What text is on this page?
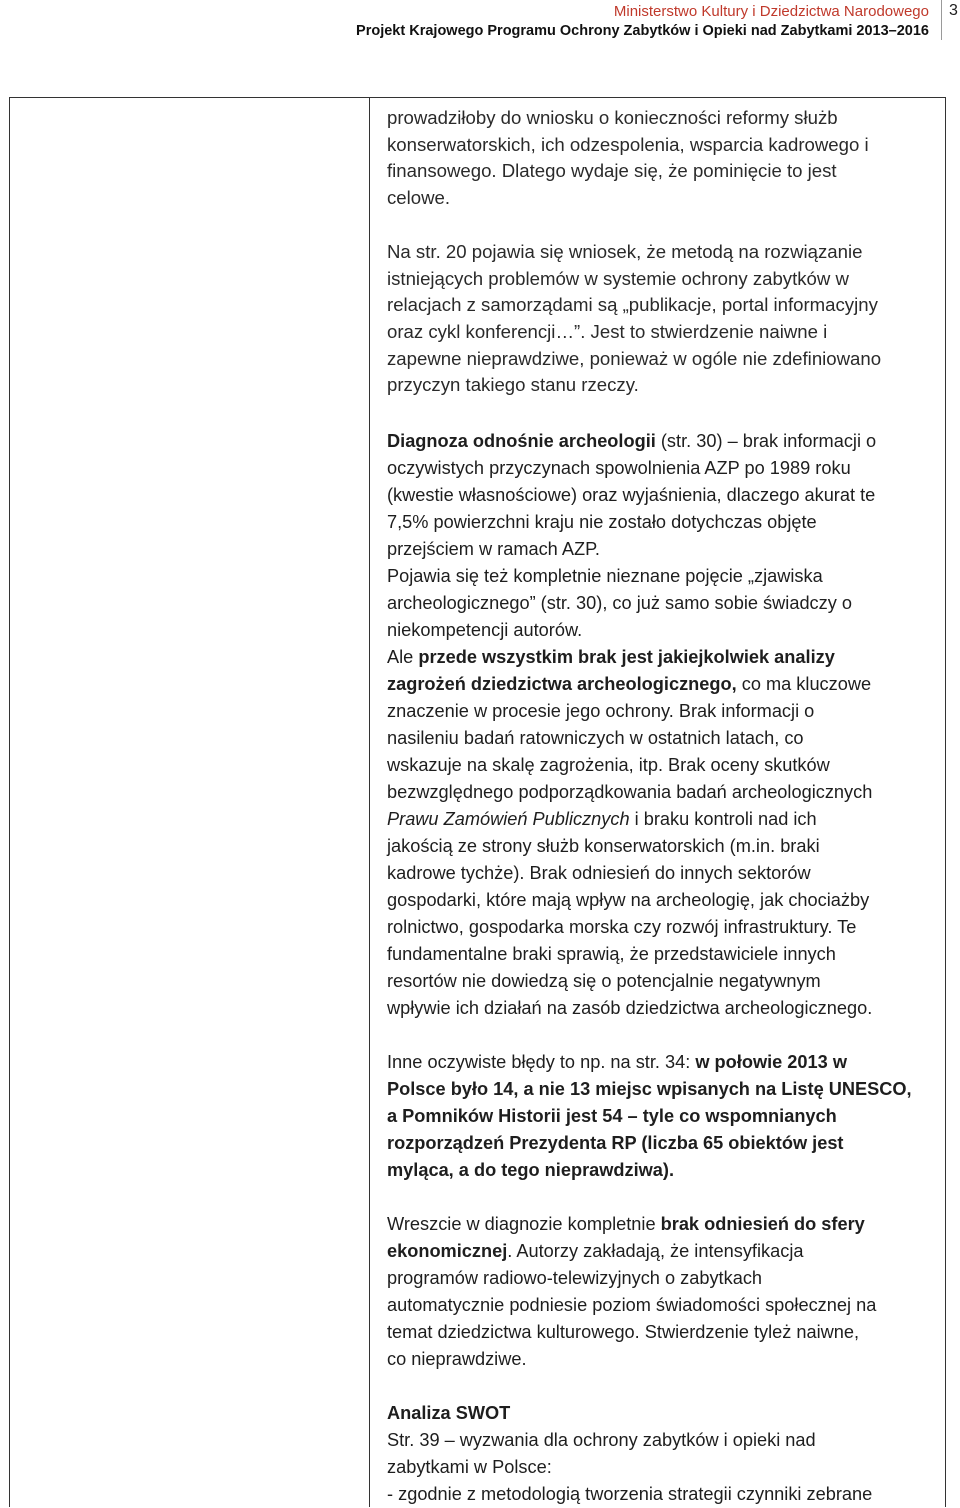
Ministerstwo Kultury i Dziedzictwa Narodowego
Projekt Krajowego Programu Ochrony Zabytków i Opieki nad Zabytkami 2013–2016
3

prowadziłoby do wniosku o konieczności reformy służb

konserwatorskich, ich odzespolenia, wsparcia kadrowego i

finansowego. Dlatego wydaje się, że pominięcie to jest

celowe.

Na str. 20 pojawia się wniosek, że metodą na rozwiązanie

istniejących problemów w systemie ochrony zabytków w

relacjach z samorządami są „publikacje, portal informacyjny

oraz cykl konferencji…”. Jest to stwierdzenie naiwne i

zapewne nieprawdziwe, ponieważ w ogóle nie zdefiniowano

przyczyn takiego stanu rzeczy.

Diagnoza odnośnie archeologii (str. 30) – brak informacji o

oczywistych przyczynach spowolnienia AZP po 1989 roku

(kwestie własnościowe) oraz wyjaśnienia, dlaczego akurat te

7,5% powierzchni kraju nie zostało dotychczas objęte

przejściem w ramach AZP.

Pojawia się też kompletnie nieznane pojęcie „zjawiska

archeologicznego” (str. 30), co już samo sobie świadczy o

niekompetencji autorów.

Ale przede wszystkim brak jest jakiejkolwiek analizy

zagrożeń dziedzictwa archeologicznego, co ma kluczowe

znaczenie w procesie jego ochrony. Brak informacji o

nasileniu badań ratowniczych w ostatnich latach, co

wskazuje na skalę zagrożenia, itp. Brak oceny skutków

bezwzględnego podporządkowania badań archeologicznych

Prawu Zamówień Publicznych i braku kontroli nad ich

jakością ze strony służb konserwatorskich (m.in. braki

kadrowe tychże). Brak odniesień do innych sektorów

gospodarki, które mają wpływ na archeologię, jak chociażby

rolnictwo, gospodarka morska czy rozwój infrastruktury. Te

fundamentalne braki sprawią, że przedstawiciele innych

resortów nie dowiedzą się o potencjalnie negatywnym

wpływie ich działań na zasób dziedzictwa archeologicznego.

Inne oczywiste błędy to np. na str. 34: w połowie 2013 w

Polsce było 14, a nie 13 miejsc wpisanych na Listę UNESCO,

a Pomników Historii jest 54 – tyle co wspomnianych

rozporządzeń Prezydenta RP (liczba 65 obiektów jest

myląca, a do tego nieprawdziwa).

Wreszcie w diagnozie kompletnie brak odniesień do sfery

ekonomicznej. Autorzy zakładają, że intensyfikacja

programów radiowo-telewizyjnych o zabytkach

automatycznie podniesie poziom świadomości społecznej na

temat dziedzictwa kulturowego. Stwierdzenie tyleż naiwne,

co nieprawdziwe.

Analiza SWOT

Str. 39 – wyzwania dla ochrony zabytków i opieki nad

zabytkami w Polsce:

- zgodnie z metodologią tworzenia strategii czynniki zebrane
